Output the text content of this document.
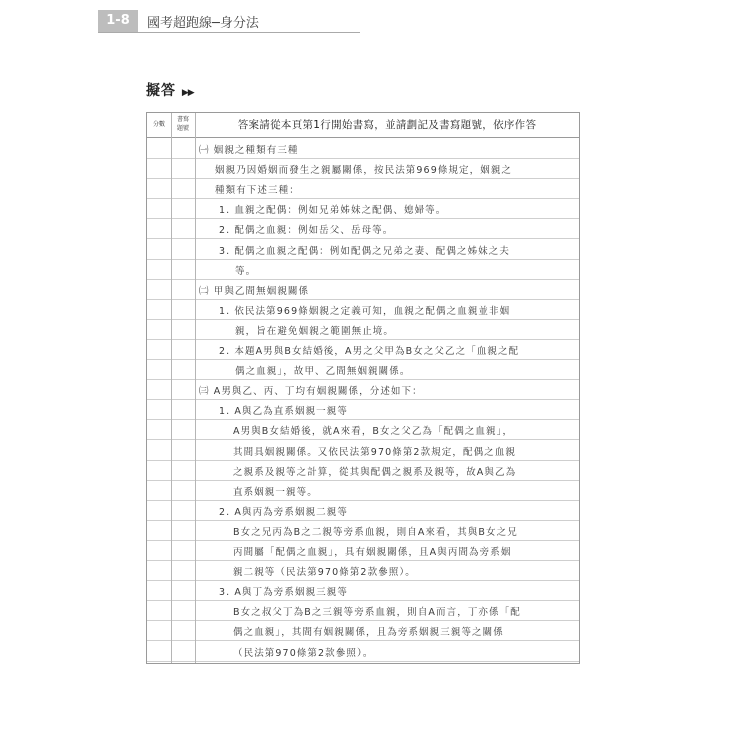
1-8	國考超跑線─身分法
擬答 ▶▶
分數
書寫
題號	答案請從本頁第1行開始書寫，並請劃記及書寫題號，依序作答
㈠ 姻親之種類有三種
姻親乃因婚姻而發生之親屬關係，按民法第969條規定，姻親之
種類有下述三種：
1. 血親之配偶：例如兄弟姊妹之配偶、媳婦等。
2. 配偶之血親：例如岳父、岳母等。
3. 配偶之血親之配偶：例如配偶之兄弟之妻、配偶之姊妹之夫
等。
㈡ 甲與乙間無姻親關係
1. 依民法第969條姻親之定義可知，血親之配偶之血親並非姻
親，旨在避免姻親之範圍無止境。
2. 本題A男與B女結婚後，A男之父甲為B女之父乙之「血親之配
偶之血親」，故甲、乙間無姻親關係。
㈢ A男與乙、丙、丁均有姻親關係，分述如下：
1. A與乙為直系姻親一親等
A男與B女結婚後，就A來看，B女之父乙為「配偶之血親」，
其間具姻親關係。又依民法第970條第2款規定，配偶之血親
之親系及親等之計算，從其與配偶之親系及親等，故A與乙為
直系姻親一親等。
2. A與丙為旁系姻親二親等
B女之兄丙為B之二親等旁系血親，則自A來看，其與B女之兄
丙間屬「配偶之血親」，具有姻親關係，且A與丙間為旁系姻
親二親等（民法第970條第2款參照）。
3. A與丁為旁系姻親三親等
B女之叔父丁為B之三親等旁系血親，則自A而言，丁亦係「配
偶之血親」，其間有姻親關係，且為旁系姻親三親等之關係
（民法第970條第2款參照）。
